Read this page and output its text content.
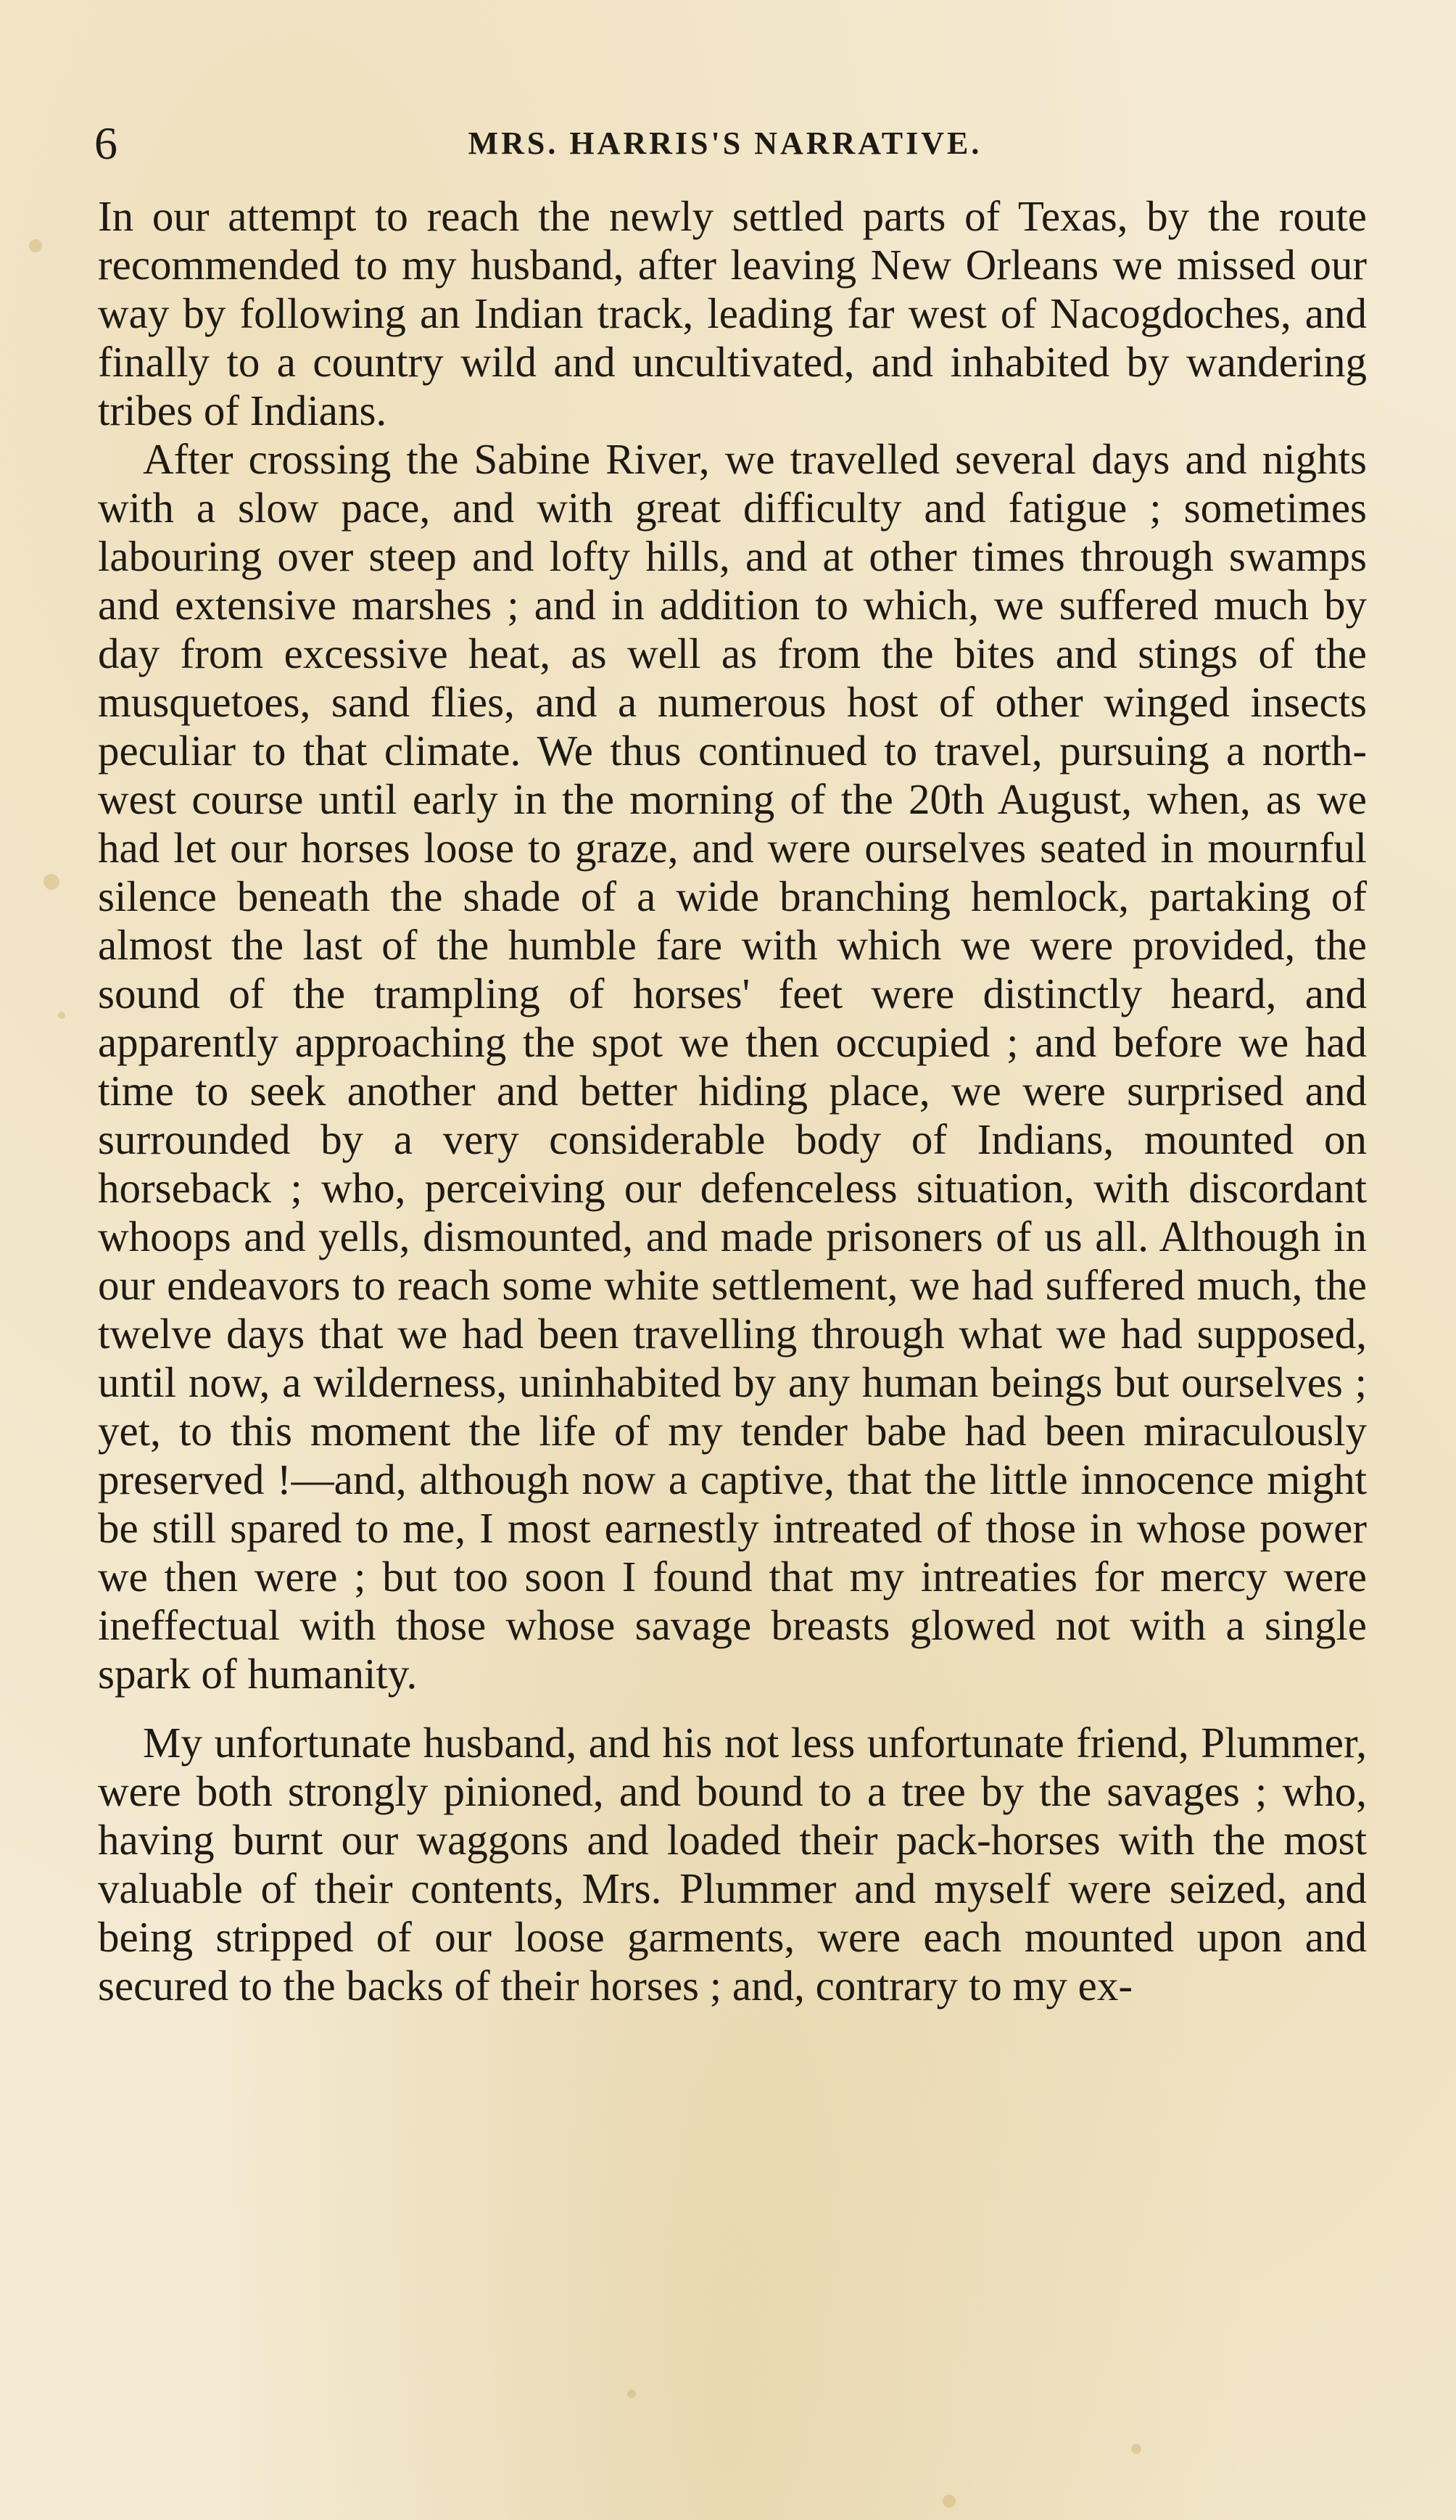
6	MRS. HARRIS'S NARRATIVE.

In our attempt to reach the newly settled parts of Texas, by the route recommended to my husband, after leaving New Orleans we missed our way by following an Indian track, leading far west of Nacogdoches, and finally to a country wild and uncultivated, and inhabited by wandering tribes of Indians.

After crossing the Sabine River, we travelled several days and nights with a slow pace, and with great difficulty and fatigue ; sometimes labouring over steep and lofty hills, and at other times through swamps and extensive marshes ; and in addition to which, we suffered much by day from excessive heat, as well as from the bites and stings of the musquetoes, sand flies, and a numerous host of other winged insects peculiar to that climate. We thus continued to travel, pursuing a north-west course until early in the morning of the 20th August, when, as we had let our horses loose to graze, and were ourselves seated in mournful silence beneath the shade of a wide branching hemlock, partaking of almost the last of the humble fare with which we were provided, the sound of the trampling of horses' feet were distinctly heard, and apparently approaching the spot we then occupied ; and before we had time to seek another and better hiding place, we were surprised and surrounded by a very considerable body of Indians, mounted on horseback ; who, perceiving our defenceless situation, with discordant whoops and yells, dismounted, and made prisoners of us all. Although in our endeavors to reach some white settlement, we had suffered much, the twelve days that we had been travelling through what we had supposed, until now, a wilderness, uninhabited by any human beings but ourselves ; yet, to this moment the life of my tender babe had been miraculously preserved !—and, although now a captive, that the little innocence might be still spared to me, I most earnestly intreated of those in whose power we then were ; but too soon I found that my intreaties for mercy were ineffectual with those whose savage breasts glowed not with a single spark of humanity.

My unfortunate husband, and his not less unfortunate friend, Plummer, were both strongly pinioned, and bound to a tree by the savages ; who, having burnt our waggons and loaded their pack-horses with the most valuable of their contents, Mrs. Plummer and myself were seized, and being stripped of our loose garments, were each mounted upon and secured to the backs of their horses ; and, contrary to my ex-
